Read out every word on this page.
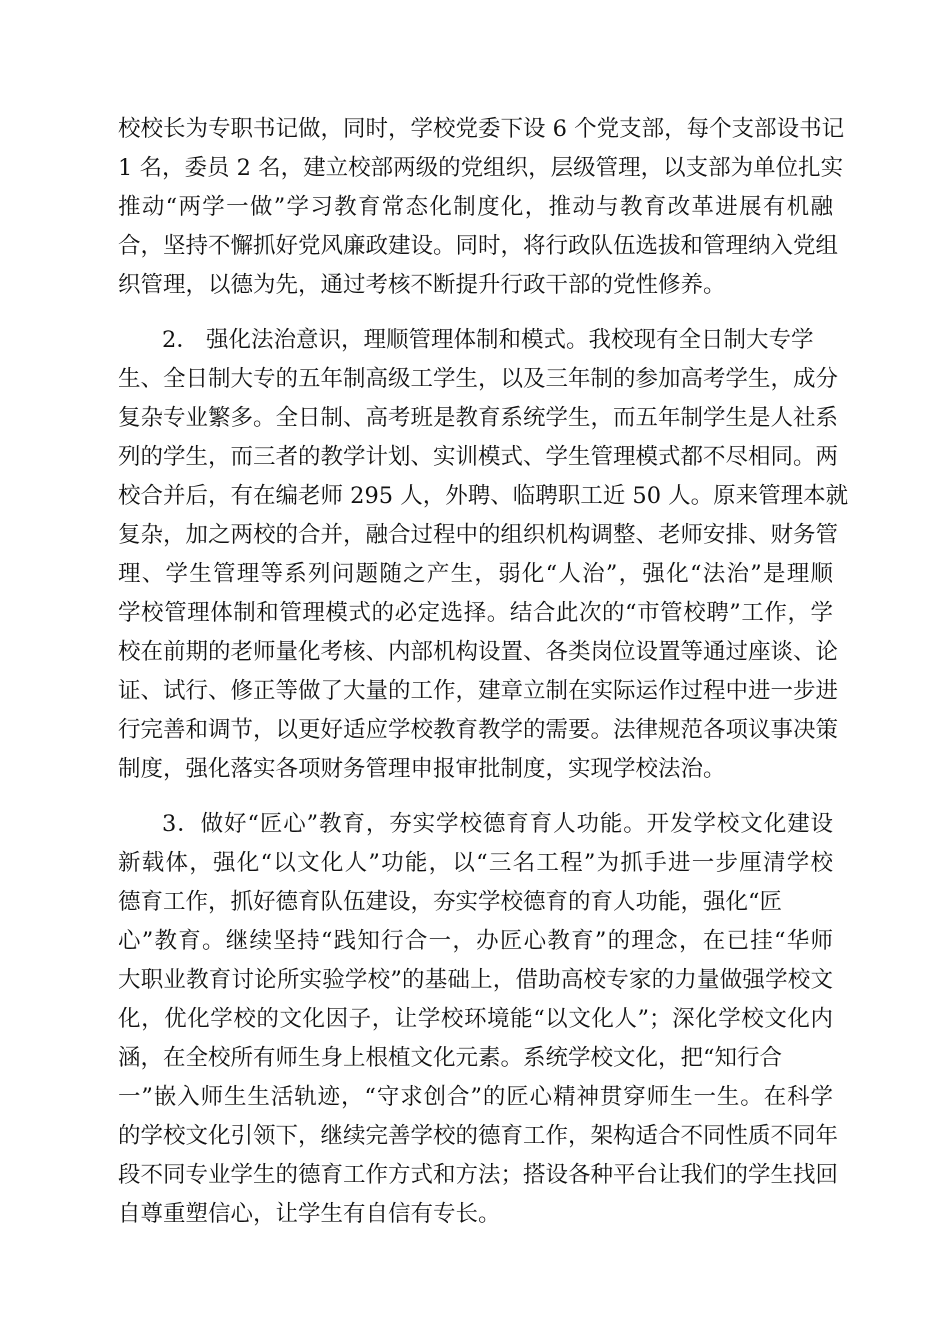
校校长为专职书记做，同时，学校党委下设 6 个党支部，每个支部设书记
1 名，委员 2 名，建立校部两级的党组织，层级管理，以支部为单位扎实
推动“两学一做”学习教育常态化制度化，推动与教育改革进展有机融
合，坚持不懈抓好党风廉政建设。同时，将行政队伍选拔和管理纳入党组
织管理，以德为先，通过考核不断提升行政干部的党性修养。
2． 强化法治意识，理顺管理体制和模式。我校现有全日制大专学
生、全日制大专的五年制高级工学生，以及三年制的参加高考学生，成分
复杂专业繁多。全日制、高考班是教育系统学生，而五年制学生是人社系
列的学生，而三者的教学计划、实训模式、学生管理模式都不尽相同。两
校合并后，有在编老师 295 人，外聘、临聘职工近 50 人。原来管理本就
复杂，加之两校的合并，融合过程中的组织机构调整、老师安排、财务管
理、学生管理等系列问题随之产生，弱化“人治”，强化“法治”是理顺
学校管理体制和管理模式的必定选择。结合此次的“市管校聘”工作，学
校在前期的老师量化考核、内部机构设置、各类岗位设置等通过座谈、论
证、试行、修正等做了大量的工作，建章立制在实际运作过程中进一步进
行完善和调节，以更好适应学校教育教学的需要。法律规范各项议事决策
制度，强化落实各项财务管理申报审批制度，实现学校法治。
3．做好“匠心”教育，夯实学校德育育人功能。开发学校文化建设
新载体，强化“以文化人”功能，以“三名工程”为抓手进一步厘清学校
德育工作，抓好德育队伍建设，夯实学校德育的育人功能，强化“匠
心”教育。继续坚持“践知行合一，办匠心教育”的理念，在已挂“华师
大职业教育讨论所实验学校”的基础上，借助高校专家的力量做强学校文
化，优化学校的文化因子，让学校环境能“以文化人”；深化学校文化内
涵，在全校所有师生身上根植文化元素。系统学校文化，把“知行合
一”嵌入师生生活轨迹，“守求创合”的匠心精神贯穿师生一生。在科学
的学校文化引领下，继续完善学校的德育工作，架构适合不同性质不同年
段不同专业学生的德育工作方式和方法；搭设各种平台让我们的学生找回
自尊重塑信心，让学生有自信有专长。
